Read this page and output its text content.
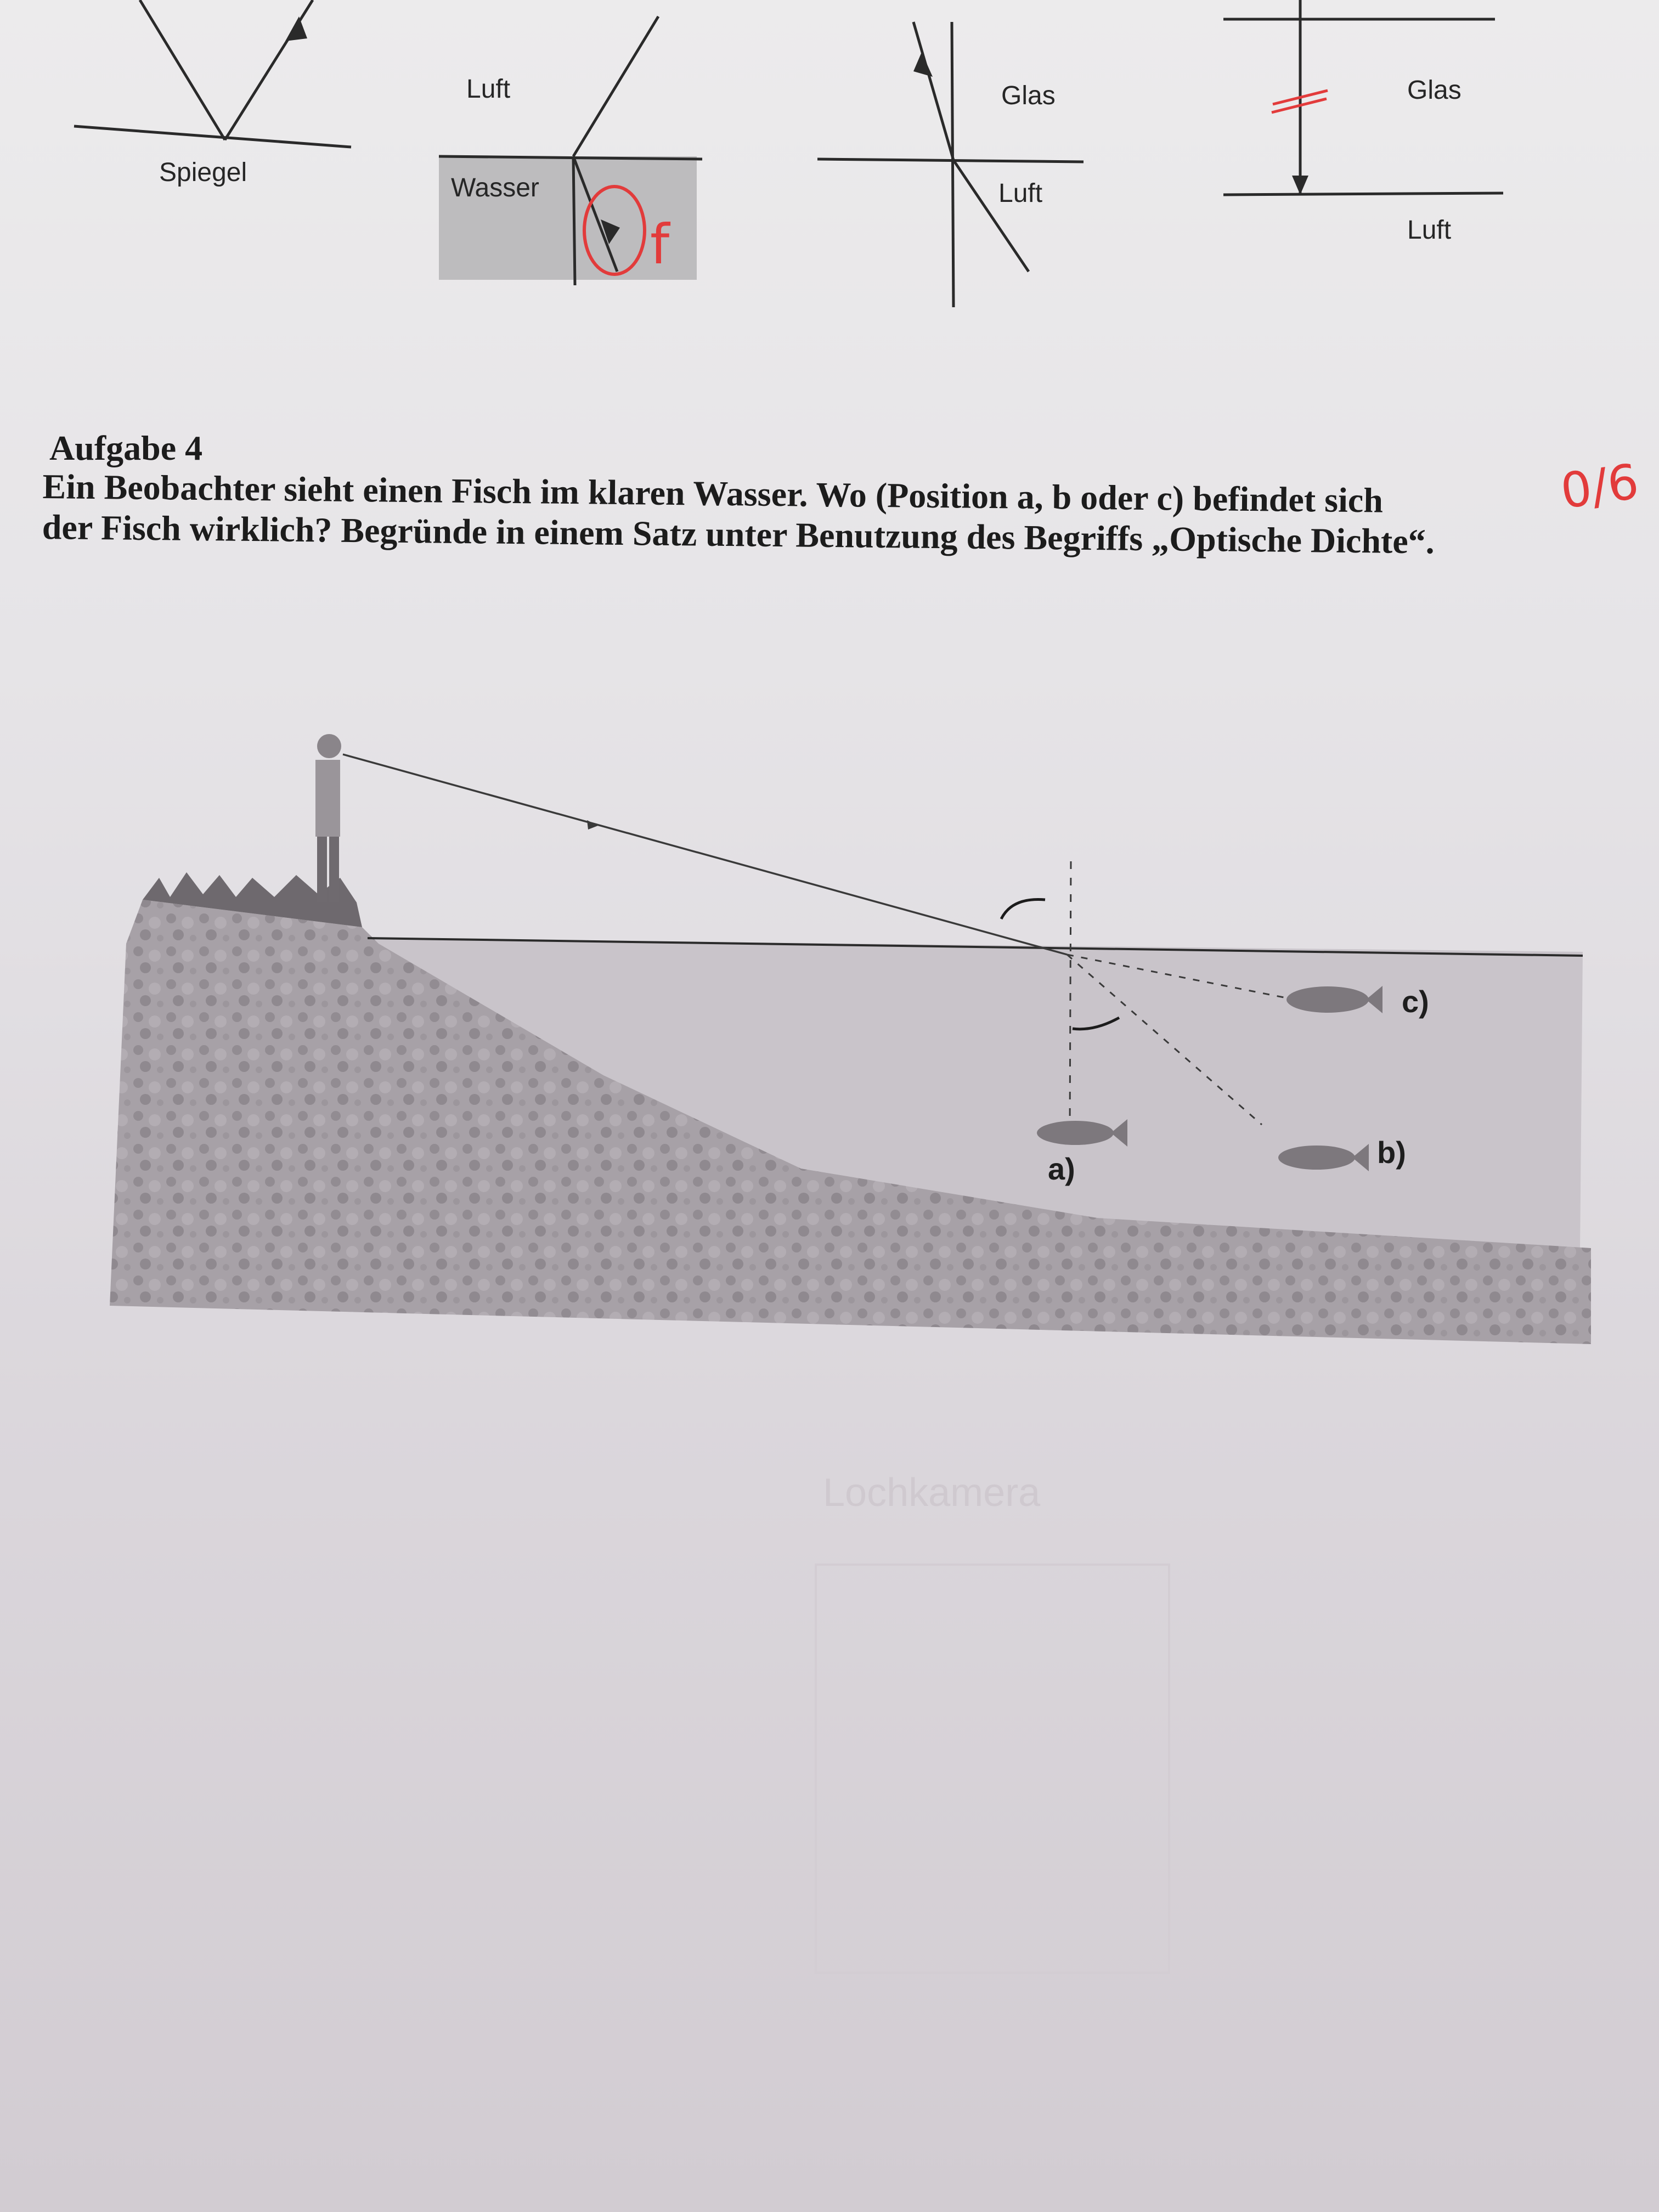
Spiegel
Luft
Wasser
f
Glas
Luft
Glas
Luft
Aufgabe 4
Ein Beobachter sieht einen Fisch im klaren Wasser. Wo (Position a, b oder c) befindet sich
der Fisch wirklich? Begründe in einem Satz unter Benutzung des Begriffs „Optische Dichte“.
0/6
a)	b)
c)
Lochkamera
